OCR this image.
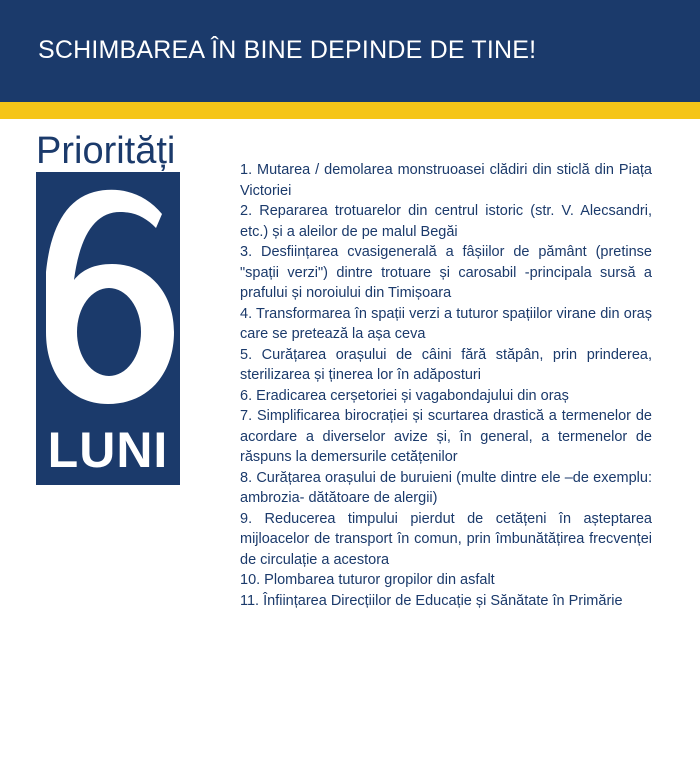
SCHIMBAREA ÎN BINE DEPINDE DE TINE!
Priorități
LUNI
1. Mutarea / demolarea monstruoasei clădiri din sticlă din Piața Victoriei
2. Repararea trotuarelor din centrul istoric (str. V. Alecsandri, etc.) și a aleilor de pe malul Begăi
3. Desființarea cvasigenerală a fâșiilor de pământ (pretinse "spații verzi") dintre trotuare și carosabil -principala sursă a prafului și noroiului din Timișoara
4. Transformarea în spații verzi a tuturor spațiilor virane din oraș care se pretează la așa ceva
5. Curățarea orașului de câini fără stăpân, prin prinderea, sterilizarea și ținerea lor în adăposturi
6. Eradicarea cerșetoriei și vagabondajului din oraș
7. Simplificarea birocrației și scurtarea drastică a termenelor de acordare a diverselor avize și, în general, a termenelor de răspuns la demersurile cetățenilor
8. Curățarea orașului de buruieni (multe dintre ele –de exemplu: ambrozia- dătătoare de alergii)
9. Reducerea timpului pierdut de cetățeni în așteptarea mijloacelor de transport în comun, prin îmbunătățirea frecvenței de circulație a acestora
10. Plombarea tuturor gropilor din asfalt
11. Înființarea Direcțiilor de Educație și Sănătate în Primărie
